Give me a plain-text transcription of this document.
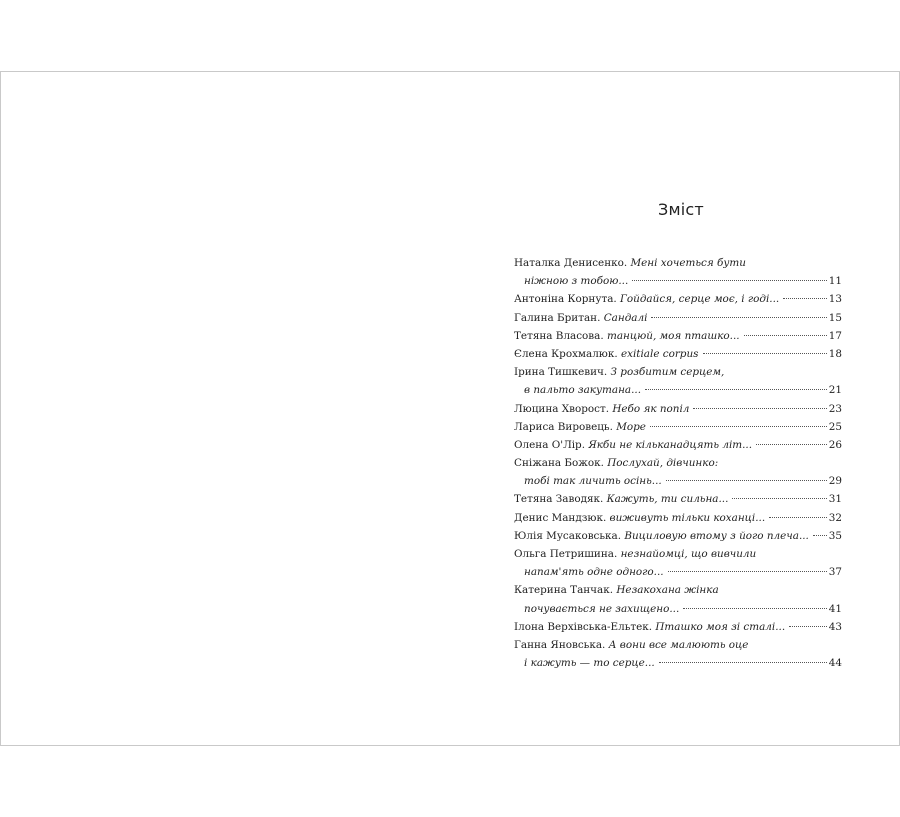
Зміст
Наталка Денисенко . Мені хочеться бути
ніжною з тобою...	11
Антоніна Корнута . Гойдайся, серце моє, і годі...	13
Галина Британ . Сандалі	15
Тетяна Власова . танцюй, моя пташко...	17
Єлена Крохмалюк . exitiale corpus	18
Ірина Тишкевич . З розбитим серцем,
в пальто закутана...	21
Люцина Хворост . Небо як попіл	23
Лариса Вировець . Море	25
Олена О'Лір . Якби не кільканадцять літ...	26
Сніжана Божок . Послухай, дівчинко:
тобі так личить осінь...	29
Тетяна Заводяк . Кажуть, ти сильна...	31
Денис Мандзюк . виживуть тільки коханці...	32
Юлія Мусаковська . Вициловую втому з його плеча... 35
Ольга Петришина . незнайомці, що вивчили
напам'ять одне одного...	37
Катерина Танчак . Незакохана жінка
почувається не захищено...	41
Ілона Верхівська-Ельтек . Пташко моя зі сталі...	43
Ганна Яновська . А вони все малюють оце
і кажуть — то серце...	44
